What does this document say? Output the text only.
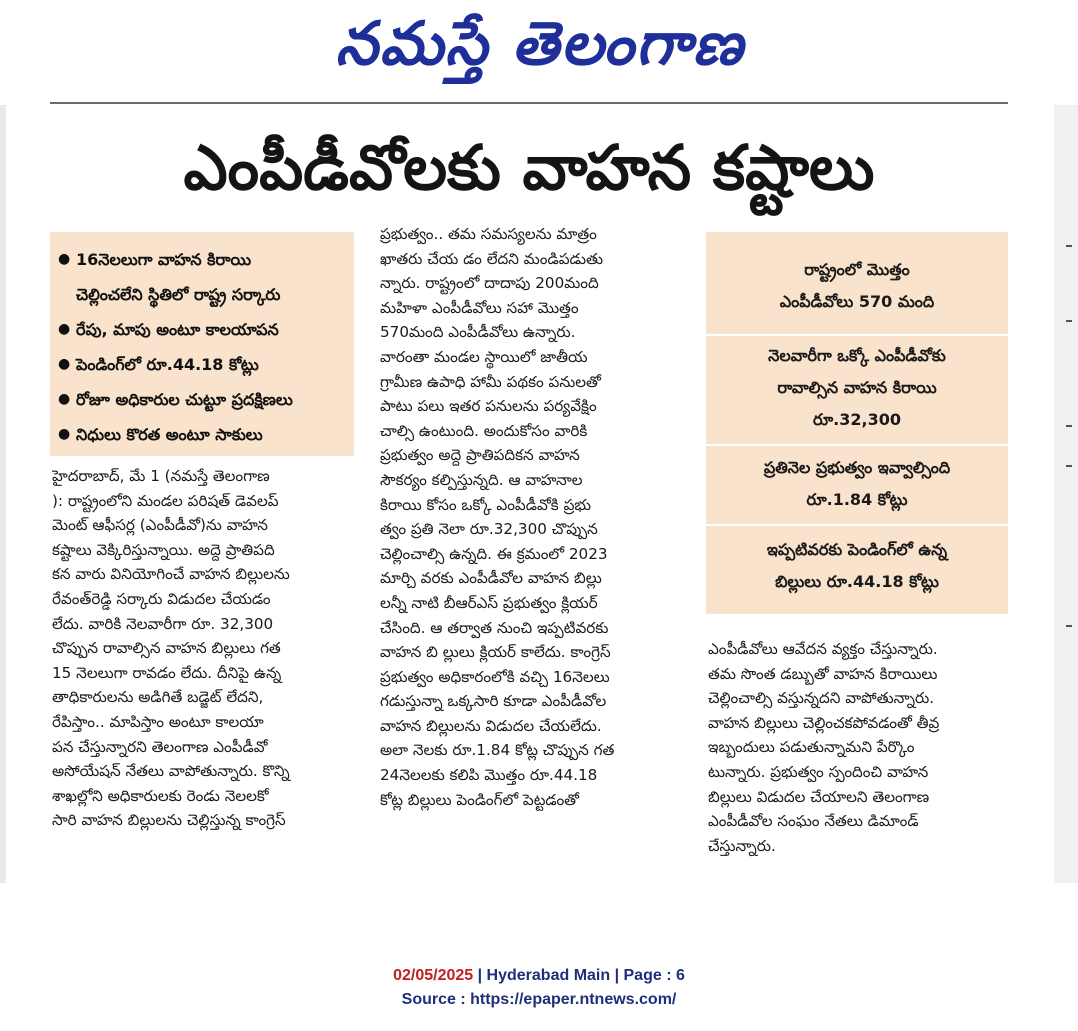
నమస్తే తెలంగాణ
ఎంపీడీవోలకు వాహన కష్టాలు
● 16నెలలుగా వాహన కిరాయి
చెల్లించలేని స్థితిలో రాష్ట్ర సర్కారు
● రేపు, మాపు అంటూ కాలయాపన
● పెండింగ్‌లో రూ.44.18 కోట్లు
● రోజూ అధికారుల చుట్టూ ప్రదక్షిణలు
● నిధులు కొరత అంటూ సాకులు

హైదరాబాద్, మే 1 (నమస్తే తెలంగాణ

): రాష్ట్రంలోని మండల పరిషత్ డెవలప్

మెంట్ ఆఫీసర్ల (ఎంపీడీవో)ను వాహన

కష్టాలు వెక్కిరిస్తున్నాయి. అద్దె ప్రాతిపది

కన వారు వినియోగించే వాహన బిల్లులను

రేవంత్‌రెడ్డి సర్కారు విడుదల చేయడం

లేదు. వారికి నెలవారీగా రూ. 32,300

చొప్పున రావాల్సిన వాహన బిల్లులు గత

15 నెలలుగా రావడం లేదు. దీనిపై ఉన్న

తాధికారులను అడిగితే బడ్జెట్ లేదని,

రేపిస్తాం.. మాపిస్తాం అంటూ కాలయా

పన చేస్తున్నారని తెలంగాణ ఎంపీడీవో

అసోయేషన్ నేతలు వాపోతున్నారు. కొన్ని

శాఖల్లోని అధికారులకు రెండు నెలలకో

సారి వాహన బిల్లులను చెల్లిస్తున్న కాంగ్రెస్

ప్రభుత్వం.. తమ సమస్యలను మాత్రం

ఖాతరు చేయ డం లేదని మండిపడుతు

న్నారు. రాష్ట్రంలో దాదాపు 200మంది

మహిళా ఎంపీడీవోలు సహా మొత్తం

570మంది ఎంపీడీవోలు ఉన్నారు.

వారంతా మండల స్థాయిలో జాతీయ

గ్రామీణ ఉపాధి హామీ పథకం పనులతో

పాటు పలు ఇతర పనులను పర్యవేక్షిం

చాల్సి ఉంటుంది. అందుకోసం వారికి

ప్రభుత్వం అద్దె ప్రాతిపదికన వాహన

సౌకర్యం కల్పిస్తున్నది. ఆ వాహనాల

కిరాయి కోసం ఒక్కో ఎంపీడీవోకి ప్రభు

త్వం ప్రతి నెలా రూ.32,300 చొప్పున

చెల్లించాల్సి ఉన్నది. ఈ క్రమంలో 2023

మార్చి వరకు ఎంపీడీవోల వాహన బిల్లు

లన్నీ నాటి బీఆర్‌ఎస్ ప్రభుత్వం క్లియర్

చేసింది. ఆ తర్వాత నుంచి ఇప్పటివరకు

వాహన బి ల్లులు క్లియర్ కాలేదు. కాంగ్రెస్

ప్రభుత్వం అధికారంలోకి వచ్చి 16నెలలు

గడుస్తున్నా ఒక్కసారి కూడా ఎంపీడీవోల

వాహన బిల్లులను విడుదల చేయలేదు.

అలా నెలకు రూ.1.84 కోట్ల చొప్పున గత

24నెలలకు కలిపి మొత్తం రూ.44.18

కోట్ల బిల్లులు పెండింగ్‌లో పెట్టడంతో

రాష్ట్రంలో మొత్తం
ఎంపీడీవోలు 570 మంది
నెలవారీగా ఒక్కో ఎంపీడీవోకు
రావాల్సిన వాహన కిరాయి
రూ.32,300
ప్రతినెల ప్రభుత్వం ఇవ్వాల్సింది
రూ.1.84 కోట్లు
ఇప్పటివరకు పెండింగ్‌లో ఉన్న
బిల్లులు రూ.44.18 కోట్లు

ఎంపీడీవోలు ఆవేదన వ్యక్తం చేస్తున్నారు.

తమ సొంత డబ్బుతో వాహన కిరాయిలు

చెల్లించాల్సి వస్తున్నదని వాపోతున్నారు.

వాహన బిల్లులు చెల్లించకపోవడంతో తీవ్ర

ఇబ్బందులు పడుతున్నామని పేర్కొం

టున్నారు. ప్రభుత్వం స్పందించి వాహన

బిల్లులు విడుదల చేయాలని తెలంగాణ

ఎంపీడీవోల సంఘం నేతలు డిమాండ్

చేస్తున్నారు.

02/05/2025 | Hyderabad Main | Page : 6
Source : https://epaper.ntnews.com/
